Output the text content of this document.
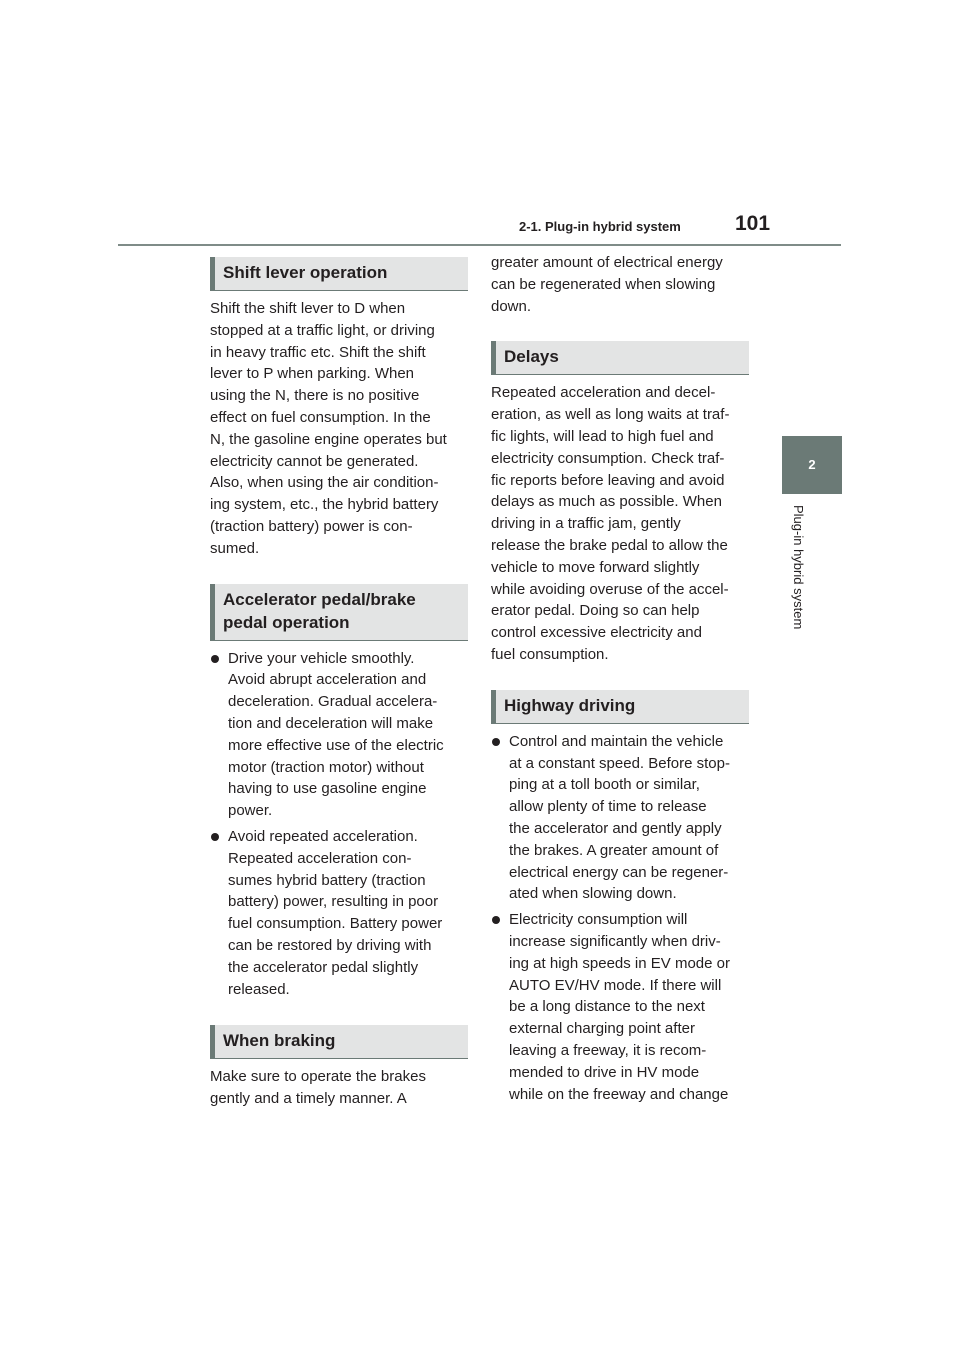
2-1. Plug-in hybrid system	101
2
Plug-in hybrid system
Shift lever operation
Shift the shift lever to D when
stopped at a traffic light, or driving
in heavy traffic etc. Shift the shift
lever to P when parking. When
using the N, there is no positive
effect on fuel consumption. In the
N, the gasoline engine operates but
electricity cannot be generated.
Also, when using the air condition-
ing system, etc., the hybrid battery
(traction battery) power is con-
sumed.
Accelerator pedal/brake
pedal operation
Drive your vehicle smoothly.
Avoid abrupt acceleration and
deceleration. Gradual accelera-
tion and deceleration will make
more effective use of the electric
motor (traction motor) without
having to use gasoline engine
power.
Avoid repeated acceleration.
Repeated acceleration con-
sumes hybrid battery (traction
battery) power, resulting in poor
fuel consumption. Battery power
can be restored by driving with
the accelerator pedal slightly
released.
When braking
Make sure to operate the brakes
gently and a timely manner. A
greater amount of electrical energy
can be regenerated when slowing
down.
Delays
Repeated acceleration and decel-
eration, as well as long waits at traf-
fic lights, will lead to high fuel and
electricity consumption. Check traf-
fic reports before leaving and avoid
delays as much as possible. When
driving in a traffic jam, gently
release the brake pedal to allow the
vehicle to move forward slightly
while avoiding overuse of the accel-
erator pedal. Doing so can help
control excessive electricity and
fuel consumption.
Highway driving
Control and maintain the vehicle
at a constant speed. Before stop-
ping at a toll booth or similar,
allow plenty of time to release
the accelerator and gently apply
the brakes. A greater amount of
electrical energy can be regener-
ated when slowing down.
Electricity consumption will
increase significantly when driv-
ing at high speeds in EV mode or
AUTO EV/HV mode. If there will
be a long distance to the next
external charging point after
leaving a freeway, it is recom-
mended to drive in HV mode
while on the freeway and change
